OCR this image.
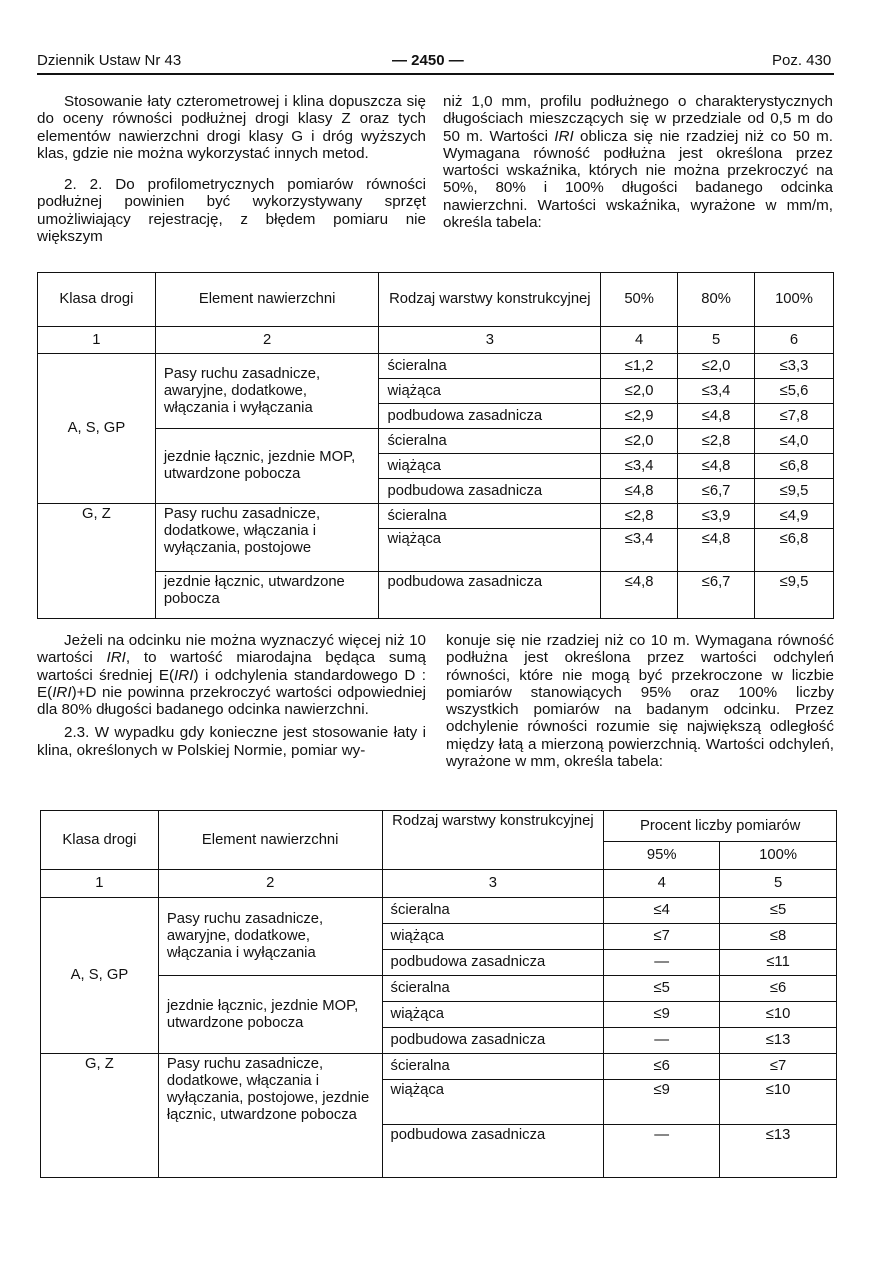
Dziennik Ustaw Nr 43	— 2450 —	Poz. 430

Stosowanie łaty czterometrowej i klina dopuszcza się do oceny równości podłużnej drogi klasy Z oraz tych elementów nawierzchni drogi klasy G i dróg wyższych klas, gdzie nie można wykorzystać innych metod.

2. 2. Do profilometrycznych pomiarów równości podłużnej powinien być wykorzystywany sprzęt umożliwiający rejestrację, z błędem pomiaru nie większym

niż 1,0 mm, profilu podłużnego o charakterystycznych długościach mieszczących się w przedziale od 0,5 m do 50 m. Wartości IRI oblicza się nie rzadziej niż co 50 m. Wymagana równość podłużna jest określona przez wartości wskaźnika, których nie można przekroczyć na 50%, 80% i 100% długości badanego odcinka nawierzchni. Wartości wskaźnika, wyrażone w mm/m, określa tabela:

Klasa drogi	Element nawierzchni	Rodzaj warstwy konstrukcyjnej	50%	80%	100%
1	2	3	4	5	6
A, S, GP	Pasy ruchu zasadnicze, awaryjne, dodatkowe, włączania i wyłączania	ścieralna	≤1,2	≤2,0	≤3,3
		wiążąca	≤2,0	≤3,4	≤5,6
		podbudowa zasadnicza	≤2,9	≤4,8	≤7,8
	jezdnie łącznic, jezdnie MOP, utwardzone pobocza	ścieralna	≤2,0	≤2,8	≤4,0
		wiążąca	≤3,4	≤4,8	≤6,8
		podbudowa zasadnicza	≤4,8	≤6,7	≤9,5
G, Z	Pasy ruchu zasadnicze, dodatkowe, włączania i wyłączania, postojowe	ścieralna	≤2,8	≤3,9	≤4,9
		wiążąca	≤3,4	≤4,8	≤6,8
	jezdnie łącznic, utwardzone pobocza	podbudowa zasadnicza	≤4,8	≤6,7	≤9,5

Jeżeli na odcinku nie można wyznaczyć więcej niż 10 wartości IRI, to wartość miarodajna będąca sumą wartości średniej E(IRI) i odchylenia standardowego D : E(IRI)+D nie powinna przekroczyć wartości odpowiedniej dla 80% długości badanego odcinka nawierzchni.

2.3. W wypadku gdy konieczne jest stosowanie łaty i klina, określonych w Polskiej Normie, pomiar wy-

konuje się nie rzadziej niż co 10 m. Wymagana równość podłużna jest określona przez wartości odchyleń równości, które nie mogą być przekroczone w liczbie pomiarów stanowiących 95% oraz 100% liczby wszystkich pomiarów na badanym odcinku. Przez odchylenie równości rozumie się największą odległość między łatą a mierzoną powierzchnią. Wartości odchyleń, wyrażone w mm, określa tabela:

Klasa drogi	Element nawierzchni	Rodzaj warstwy konstrukcyjnej	Procent liczby pomiarów	
			95%	100%
1	2	3	4	5
A, S, GP	Pasy ruchu zasadnicze, awaryjne, dodatkowe, włączania i wyłączania	ścieralna	≤4	≤5
		wiążąca	≤7	≤8
		podbudowa zasadnicza	—	≤11
	jezdnie łącznic, jezdnie MOP, utwardzone pobocza	ścieralna	≤5	≤6
		wiążąca	≤9	≤10
		podbudowa zasadnicza	—	≤13
G, Z	Pasy ruchu zasadnicze, dodatkowe, włączania i wyłączania, postojowe, jezdnie łącznic, utwardzone pobocza	ścieralna	≤6	≤7
		wiążąca	≤9	≤10
		podbudowa zasadnicza	—	≤13
